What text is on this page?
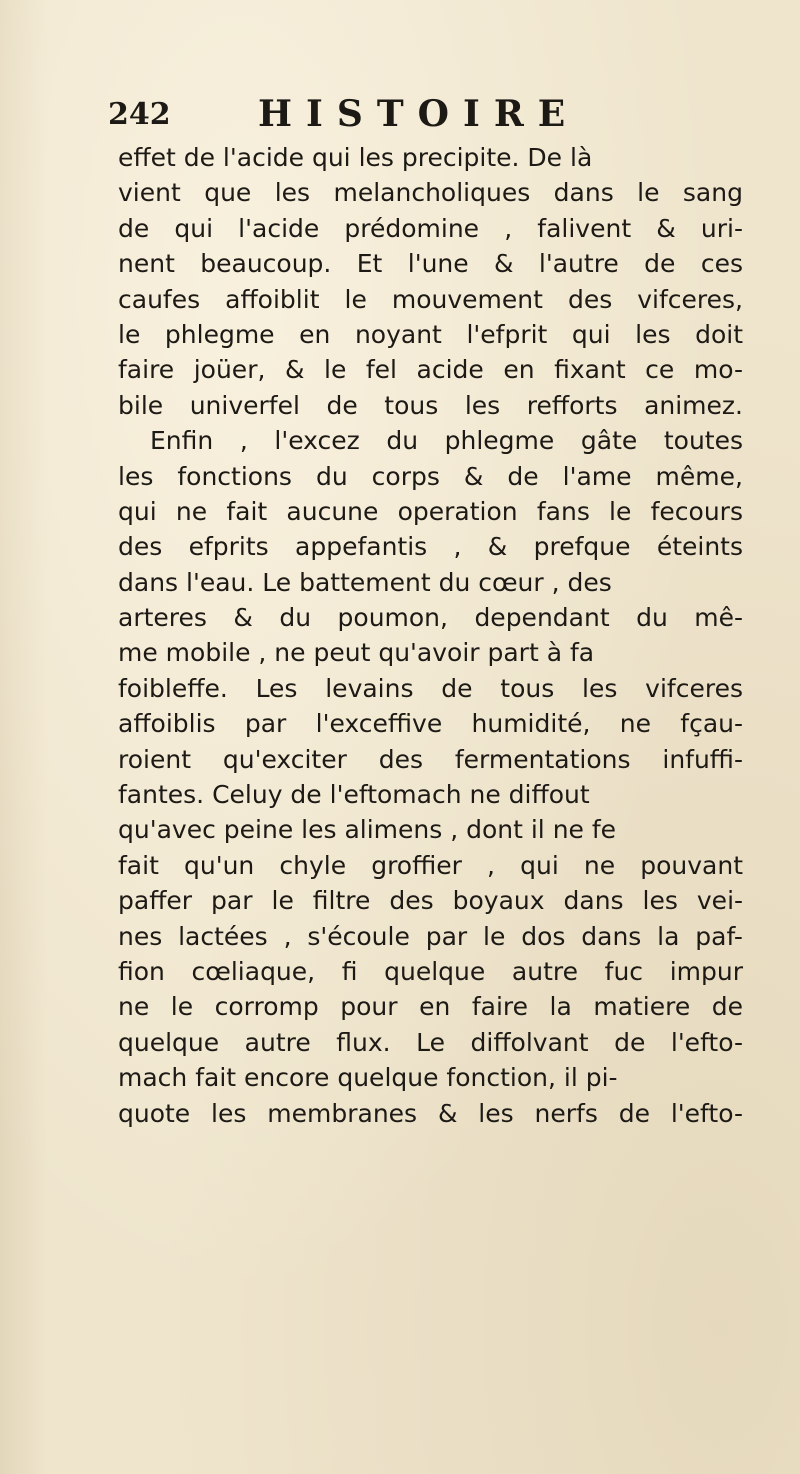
242 HISTOIRE
effet de l'acide qui les precipite. De là
vient que les melancholiques dans le sang
de qui l'acide prédomine , falivent & uri-
nent beaucoup. Et l'une & l'autre de ces
caufes affoiblit le mouvement des vifceres,
le phlegme en noyant l'efprit qui les doit
faire joüer, & le fel acide en fixant ce mo-
bile univerfel de tous les refforts animez.
Enfin , l'excez du phlegme gâte toutes
les fonctions du corps & de l'ame même,
qui ne fait aucune operation fans le fecours
des efprits appefantis , & prefque éteints
dans l'eau. Le battement du cœur , des
arteres & du poumon, dependant du mê-
me mobile , ne peut qu'avoir part à fa
foibleffe. Les levains de tous les vifceres
affoiblis par l'exceffive humidité, ne fçau-
roient qu'exciter des fermentations infuffi-
fantes. Celuy de l'eftomach ne diffout
qu'avec peine les alimens , dont il ne fe
fait qu'un chyle groffier , qui ne pouvant
paffer par le filtre des boyaux dans les vei-
nes lactées , s'écoule par le dos dans la paf-
fion cœliaque, fi quelque autre fuc impur
ne le corromp pour en faire la matiere de
quelque autre flux. Le diffolvant de l'efto-
mach fait encore quelque fonction, il pi-
quote les membranes & les nerfs de l'efto-
